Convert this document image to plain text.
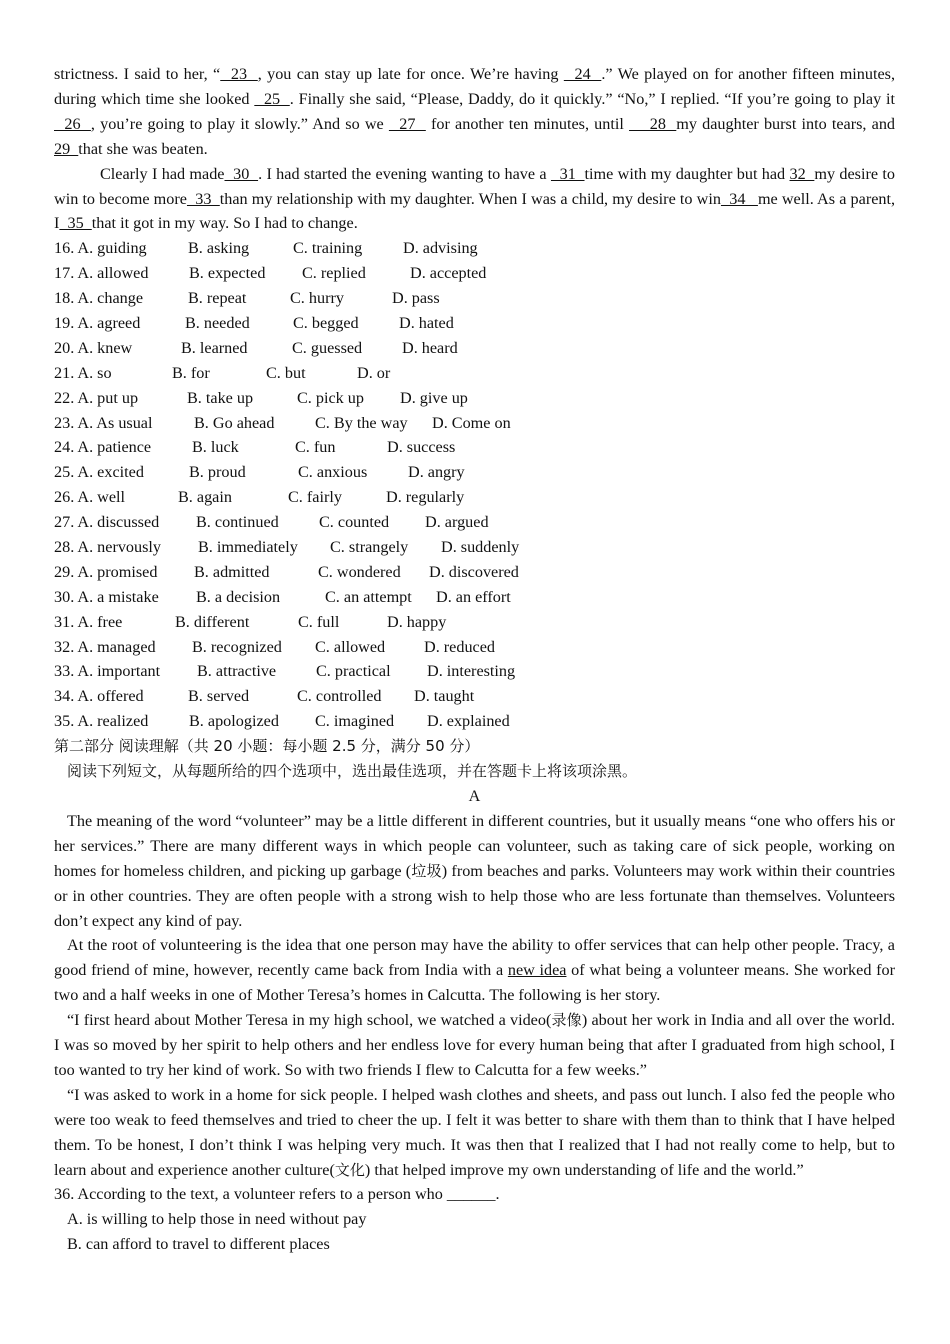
strictness. I said to her, “  23  , you can stay up late for once. We’re having   24  .” We played on for another fifteen minutes, during which time she looked   25  . Finally she said, “Please, Daddy, do it quickly.” “No,” I replied. “If you’re going to play it   26  , you’re going to play it slowly.” And so we   27   for another ten minutes, until     28  my daughter burst into tears, and 29  that she was beaten.

Clearly I had made  30  . I had started the evening wanting to have a   31  time with my daughter but had 32  my desire to win to become more  33  than my relationship with my daughter. When I was a child, my desire to win  34   me well. As a parent, I  35  that it got in my way. So I had to change.

16. A. guiding	B. asking	C. training	D. advising
17. A. allowed	B. expected	C. replied	D. accepted
18. A. change	B. repeat	C. hurry	D. pass
19. A. agreed	B. needed	C. begged	D. hated
20. A. knew	B. learned	C. guessed	D. heard
21. A. so	B. for	C. but	D. or
22. A. put up	B. take up	C. pick up	D. give up
23. A. As usual	B. Go ahead	C. By the way	D. Come on
24. A. patience	B. luck	C. fun	D. success
25. A. excited	B. proud	C. anxious	D. angry
26. A. well	B. again	C. fairly	D. regularly
27. A. discussed	B. continued	C. counted	D. argued
28. A. nervously	B. immediately	C. strangely	D. suddenly
29. A. promised	B. admitted	C. wondered	D. discovered
30. A. a mistake	B. a decision	C. an attempt	D. an effort
31. A. free	B. different	C. full	D. happy
32. A. managed	B. recognized	C. allowed	D. reduced
33. A. important	B. attractive	C. practical	D. interesting
34. A. offered	B. served	C. controlled	D. taught
35. A. realized	B. apologized	C. imagined	D. explained

第二部分 阅读理解（共 20 小题：每小题 2.5 分，满分 50 分）

阅读下列短文，从每题所给的四个选项中，选出最佳选项，并在答题卡上将该项涂黑。

A

The meaning of the word “volunteer” may be a little different in different countries, but it usually means “one who offers his or her services.” There are many different ways in which people can volunteer, such as taking care of sick people, working on homes for homeless children, and picking up garbage (垃圾) from beaches and parks. Volunteers may work within their countries or in other countries. They are often people with a strong wish to help those who are less fortunate than themselves. Volunteers don’t expect any kind of pay.

At the root of volunteering is the idea that one person may have the ability to offer services that can help other people. Tracy, a good friend of mine, however, recently came back from India with a new idea of what being a volunteer means. She worked for two and a half weeks in one of Mother Teresa’s homes in Calcutta. The following is her story.

“I first heard about Mother Teresa in my high school, we watched a video(录像) about her work in India and all over the world. I was so moved by her spirit to help others and her endless love for every human being that after I graduated from high school, I too wanted to try her kind of work. So with two friends I flew to Calcutta for a few weeks.”

“I was asked to work in a home for sick people. I helped wash clothes and sheets, and pass out lunch. I also fed the people who were too weak to feed themselves and tried to cheer the up. I felt it was better to share with them than to think that I have helped them. To be honest, I don’t think I was helping very much. It was then that I realized that I had not really come to help, but to learn about and experience another culture(文化) that helped improve my own understanding of life and the world.”

36. According to the text, a volunteer refers to a person who ______.

A. is willing to help those in need without pay

B. can afford to travel to different places
